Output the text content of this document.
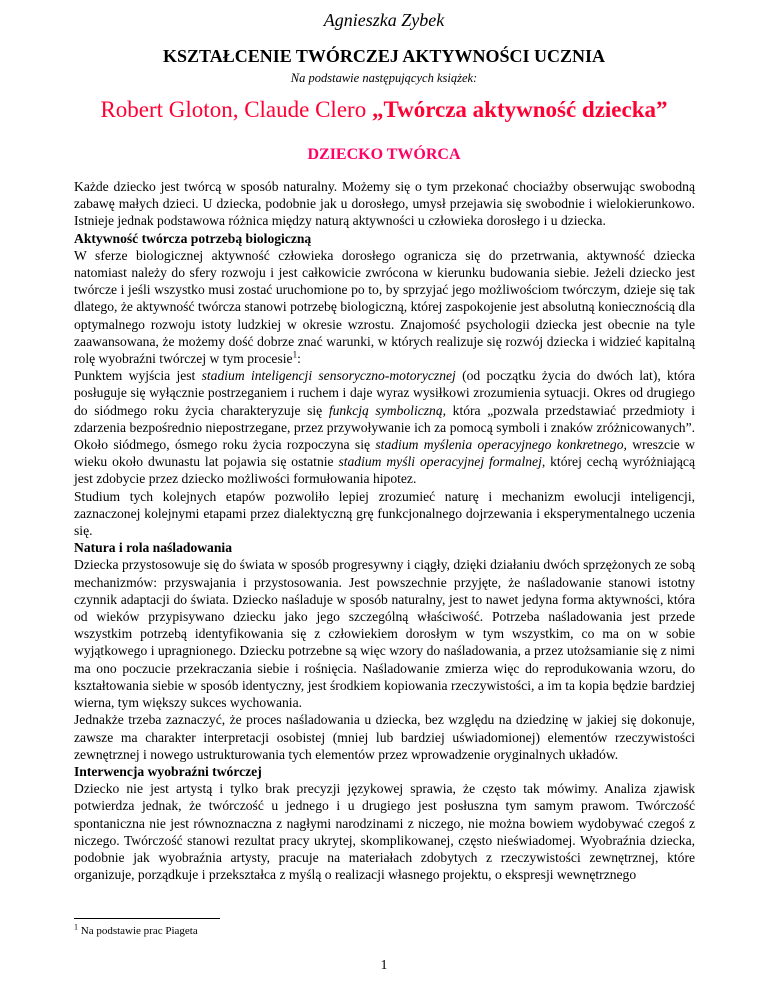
Agnieszka Zybek
KSZTAŁCENIE TWÓRCZEJ AKTYWNOŚCI UCZNIA
Na podstawie następujących książek:
Robert Gloton, Claude Clero „Twórcza aktywność dziecka”
DZIECKO TWÓRCA

Każde dziecko jest twórcą w sposób naturalny. Możemy się o tym przekonać chociażby obserwując swobodną zabawę małych dzieci. U dziecka, podobnie jak u dorosłego, umysł przejawia się swobodnie i wielokierunkowo. Istnieje jednak podstawowa różnica między naturą aktywności u człowieka dorosłego i u dziecka.

Aktywność twórcza potrzebą biologiczną

W sferze biologicznej aktywność człowieka dorosłego ogranicza się do przetrwania, aktywność dziecka natomiast należy do sfery rozwoju i jest całkowicie zwrócona w kierunku budowania siebie. Jeżeli dziecko jest twórcze i jeśli wszystko musi zostać uruchomione po to, by sprzyjać jego możliwościom twórczym, dzieje się tak dlatego, że aktywność twórcza stanowi potrzebę biologiczną, której zaspokojenie jest absolutną koniecznością dla optymalnego rozwoju istoty ludzkiej w okresie wzrostu. Znajomość psychologii dziecka jest obecnie na tyle zaawansowana, że możemy dość dobrze znać warunki, w których realizuje się rozwój dziecka i widzieć kapitalną rolę wyobraźni twórczej w tym procesie$^1$:

Punktem wyjścia jest stadium inteligencji sensoryczno-motorycznej (od początku życia do dwóch lat), która posługuje się wyłącznie postrzeganiem i ruchem i daje wyraz wysiłkowi zrozumienia sytuacji. Okres od drugiego do siódmego roku życia charakteryzuje się funkcją symboliczną, która „pozwala przedstawiać przedmioty i zdarzenia bezpośrednio niepostrzegane, przez przywoływanie ich za pomocą symboli i znaków zróżnicowanych”. Około siódmego, ósmego roku życia rozpoczyna się stadium myślenia operacyjnego konkretnego, wreszcie w wieku około dwunastu lat pojawia się ostatnie stadium myśli operacyjnej formalnej, której cechą wyróżniającą jest zdobycie przez dziecko możliwości formułowania hipotez.

Studium tych kolejnych etapów pozwoliło lepiej zrozumieć naturę i mechanizm ewolucji inteligencji, zaznaczonej kolejnymi etapami przez dialektyczną grę funkcjonalnego dojrzewania i eksperymentalnego uczenia się.

Natura i rola naśladowania

Dziecka przystosowuje się do świata w sposób progresywny i ciągły, dzięki działaniu dwóch sprzężonych ze sobą mechanizmów: przyswajania i przystosowania. Jest powszechnie przyjęte, że naśladowanie stanowi istotny czynnik adaptacji do świata. Dziecko naśladuje w sposób naturalny, jest to nawet jedyna forma aktywności, która od wieków przypisywano dziecku jako jego szczególną właściwość. Potrzeba naśladowania jest przede wszystkim potrzebą identyfikowania się z człowiekiem dorosłym w tym wszystkim, co ma on w sobie wyjątkowego i upragnionego. Dziecku potrzebne są więc wzory do naśladowania, a przez utożsamianie się z nimi ma ono poczucie przekraczania siebie i rośnięcia. Naśladowanie zmierza więc do reprodukowania wzoru, do kształtowania siebie w sposób identyczny, jest środkiem kopiowania rzeczywistości, a im ta kopia będzie bardziej wierna, tym większy sukces wychowania.

Jednakże trzeba zaznaczyć, że proces naśladowania u dziecka, bez względu na dziedzinę w jakiej się dokonuje, zawsze ma charakter interpretacji osobistej (mniej lub bardziej uświadomionej) elementów rzeczywistości zewnętrznej i nowego ustrukturowania tych elementów przez wprowadzenie oryginalnych układów.

Interwencja wyobraźni twórczej

Dziecko nie jest artystą i tylko brak precyzji językowej sprawia, że często tak mówimy. Analiza zjawisk potwierdza jednak, że twórczość u jednego i u drugiego jest posłuszna tym samym prawom. Twórczość spontaniczna nie jest równoznaczna z nagłymi narodzinami z niczego, nie można bowiem wydobywać czegoś z niczego. Twórczość stanowi rezultat pracy ukrytej, skomplikowanej, często nieświadomej. Wyobraźnia dziecka, podobnie jak wyobraźnia artysty, pracuje na materiałach zdobytych z rzeczywistości zewnętrznej, które organizuje, porządkuje i przekształca z myślą o realizacji własnego projektu, o ekspresji wewnętrznego

$^1$ Na podstawie prac Piageta
1
